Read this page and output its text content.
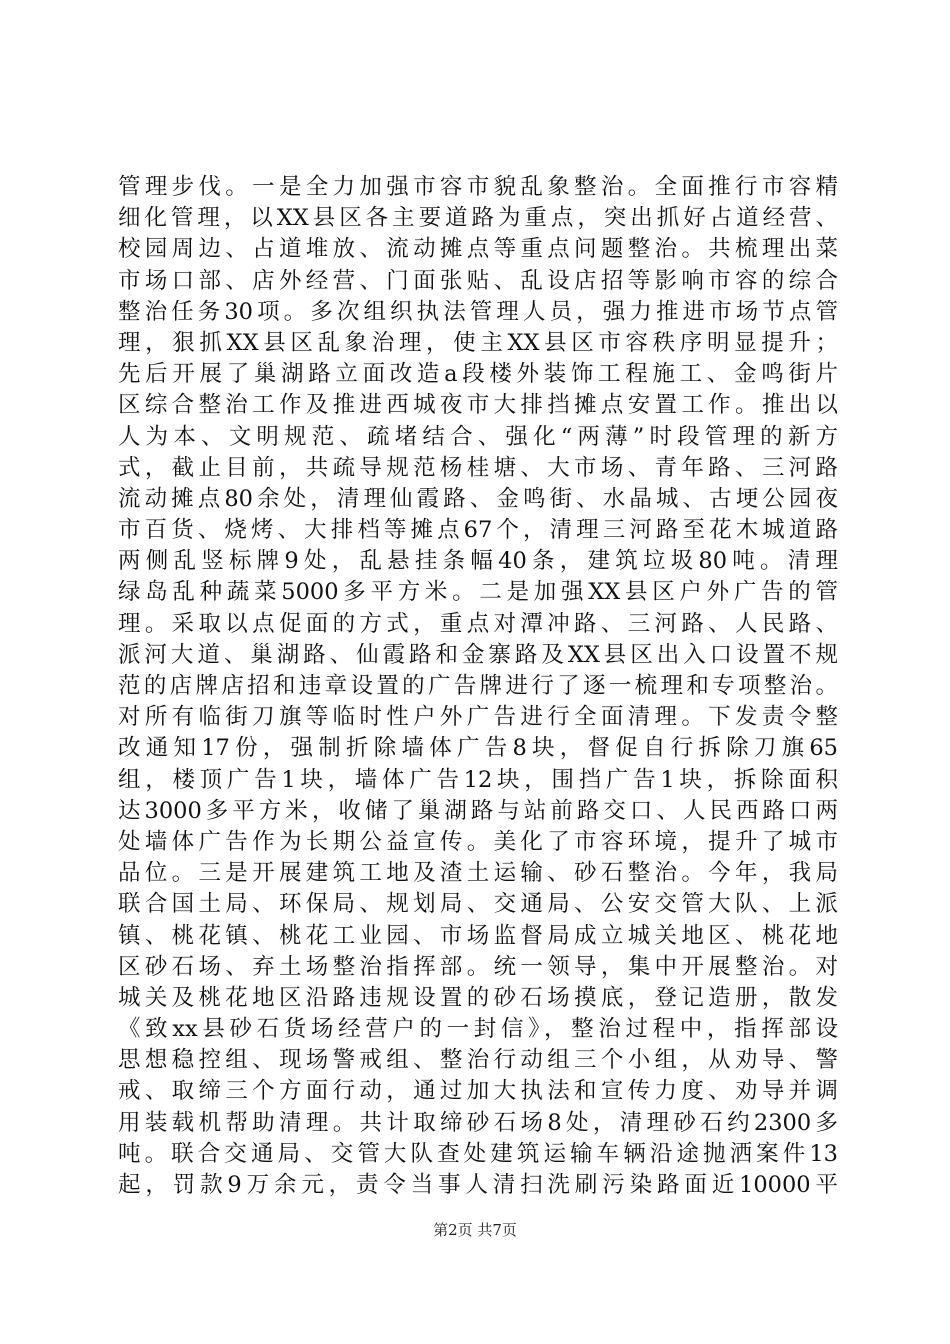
管理步伐。一是全力加强市容市貌乱象整治。全面推行市容精
细化管理，以XX县区各主要道路为重点，突出抓好占道经营、
校园周边、占道堆放、流动摊点等重点问题整治。共梳理出菜
市场口部、店外经营、门面张贴、乱设店招等影响市容的综合
整治任务30项。多次组织执法管理人员，强力推进市场节点管
理，狠抓XX县区乱象治理，使主XX县区市容秩序明显提升；
先后开展了巢湖路立面改造a段楼外装饰工程施工、金鸣街片
区综合整治工作及推进西城夜市大排挡摊点安置工作。推出以
人为本、文明规范、疏堵结合、强化“两薄”时段管理的新方
式，截止目前，共疏导规范杨桂塘、大市场、青年路、三河路
流动摊点80余处，清理仙霞路、金鸣街、水晶城、古埂公园夜
市百货、烧烤、大排档等摊点67个，清理三河路至花木城道路
两侧乱竖标牌9处，乱悬挂条幅40条，建筑垃圾80吨。清理
绿岛乱种蔬菜5000多平方米。二是加强XX县区户外广告的管
理。采取以点促面的方式，重点对潭冲路、三河路、人民路、
派河大道、巢湖路、仙霞路和金寨路及XX县区出入口设置不规
范的店牌店招和违章设置的广告牌进行了逐一梳理和专项整治。
对所有临街刀旗等临时性户外广告进行全面清理。下发责令整
改通知17份，强制折除墙体广告8块，督促自行拆除刀旗65
组，楼顶广告1块，墙体广告12块，围挡广告1块，拆除面积
达3000多平方米，收储了巢湖路与站前路交口、人民西路口两
处墙体广告作为长期公益宣传。美化了市容环境，提升了城市
品位。三是开展建筑工地及渣土运输、砂石整治。今年，我局
联合国土局、环保局、规划局、交通局、公安交管大队、上派
镇、桃花镇、桃花工业园、市场监督局成立城关地区、桃花地
区砂石场、弃土场整治指挥部。统一领导，集中开展整治。对
城关及桃花地区沿路违规设置的砂石场摸底，登记造册，散发
《致xx县砂石货场经营户的一封信》，整治过程中，指挥部设
思想稳控组、现场警戒组、整治行动组三个小组，从劝导、警
戒、取缔三个方面行动，通过加大执法和宣传力度、劝导并调
用装载机帮助清理。共计取缔砂石场8处，清理砂石约2300多
吨。联合交通局、交管大队查处建筑运输车辆沿途抛洒案件13
起，罚款9万余元，责令当事人清扫洗刷污染路面近10000平
第2页 共7页
